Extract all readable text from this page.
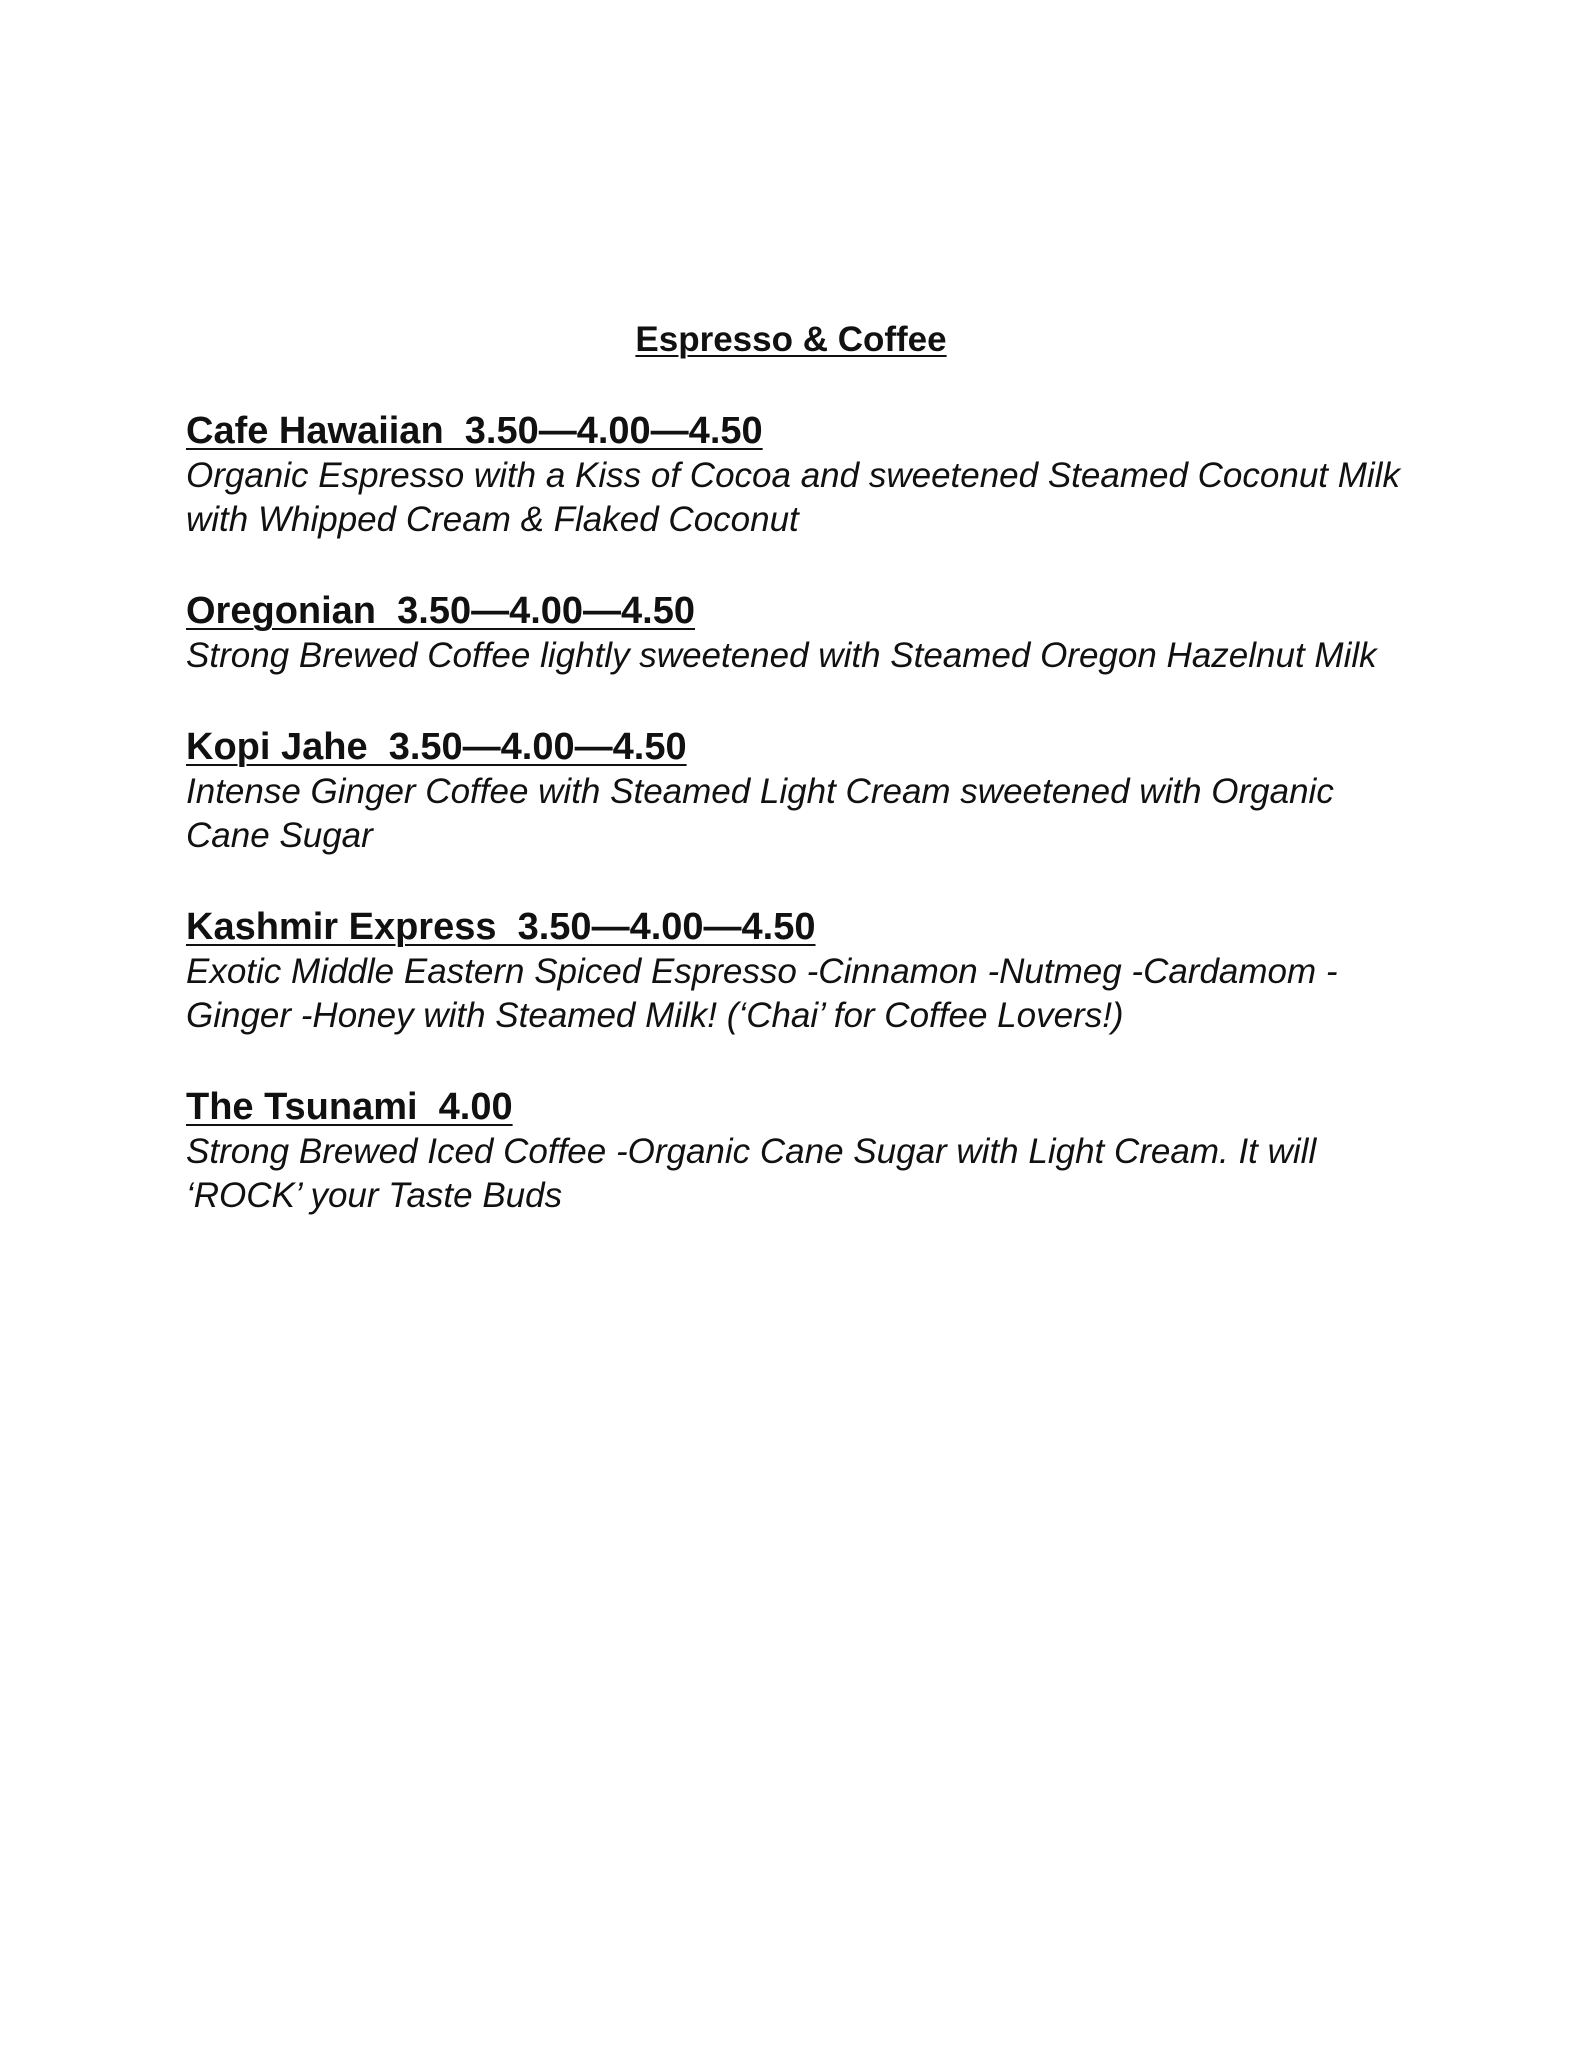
Espresso & Coffee

Cafe Hawaiian  3.50—4.00—4.50

Organic Espresso with a Kiss of Cocoa and sweetened Steamed Coconut Milk with Whipped Cream & Flaked Coconut

Oregonian  3.50—4.00—4.50

Strong Brewed Coffee lightly sweetened with Steamed Oregon Hazelnut Milk

Kopi Jahe  3.50—4.00—4.50

Intense Ginger Coffee with Steamed Light Cream sweetened with Organic Cane Sugar

Kashmir Express  3.50—4.00—4.50

Exotic Middle Eastern Spiced Espresso -Cinnamon -Nutmeg -Cardamom -Ginger -Honey with Steamed Milk! (‘Chai’ for Coffee Lovers!)

The Tsunami  4.00

Strong Brewed Iced Coffee -Organic Cane Sugar with Light Cream. It will ‘ROCK’ your Taste Buds
